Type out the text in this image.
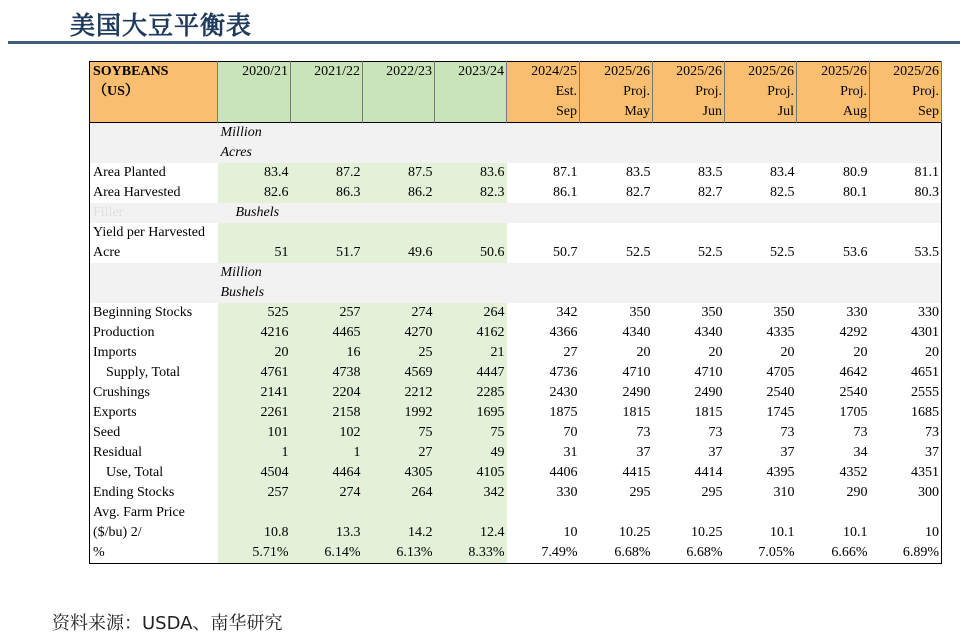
美国大豆平衡表
SOYBEANS	2020/21	2021/22	2022/23	2023/24	2024/25	2025/26	2025/26	2025/26	2025/26	2025/26
（US）					Est.	Proj.	Proj.	Proj.	Proj.	Proj.
					Sep	May	Jun	Jul	Aug	Sep
	Million									
	Acres									
Area Planted	83.4	87.2	87.5	83.6	87.1	83.5	83.5	83.4	80.9	81.1
Area Harvested	82.6	86.3	86.2	82.3	86.1	82.7	82.7	82.5	80.1	80.3
Filler	Bushels									
Yield per Harvested										
Acre	51	51.7	49.6	50.6	50.7	52.5	52.5	52.5	53.6	53.5
	Million									
	Bushels									
Beginning Stocks	525	257	274	264	342	350	350	350	330	330
Production	4216	4465	4270	4162	4366	4340	4340	4335	4292	4301
Imports	20	16	25	21	27	20	20	20	20	20
Supply, Total	4761	4738	4569	4447	4736	4710	4710	4705	4642	4651
Crushings	2141	2204	2212	2285	2430	2490	2490	2540	2540	2555
Exports	2261	2158	1992	1695	1875	1815	1815	1745	1705	1685
Seed	101	102	75	75	70	73	73	73	73	73
Residual	1	1	27	49	31	37	37	37	34	37
Use, Total	4504	4464	4305	4105	4406	4415	4414	4395	4352	4351
Ending Stocks	257	274	264	342	330	295	295	310	290	300
Avg. Farm Price										
($/bu) 2/	10.8	13.3	14.2	12.4	10	10.25	10.25	10.1	10.1	10
%	5.71%	6.14%	6.13%	8.33%	7.49%	6.68%	6.68%	7.05%	6.66%	6.89%
资料来源：USDA、南华研究
